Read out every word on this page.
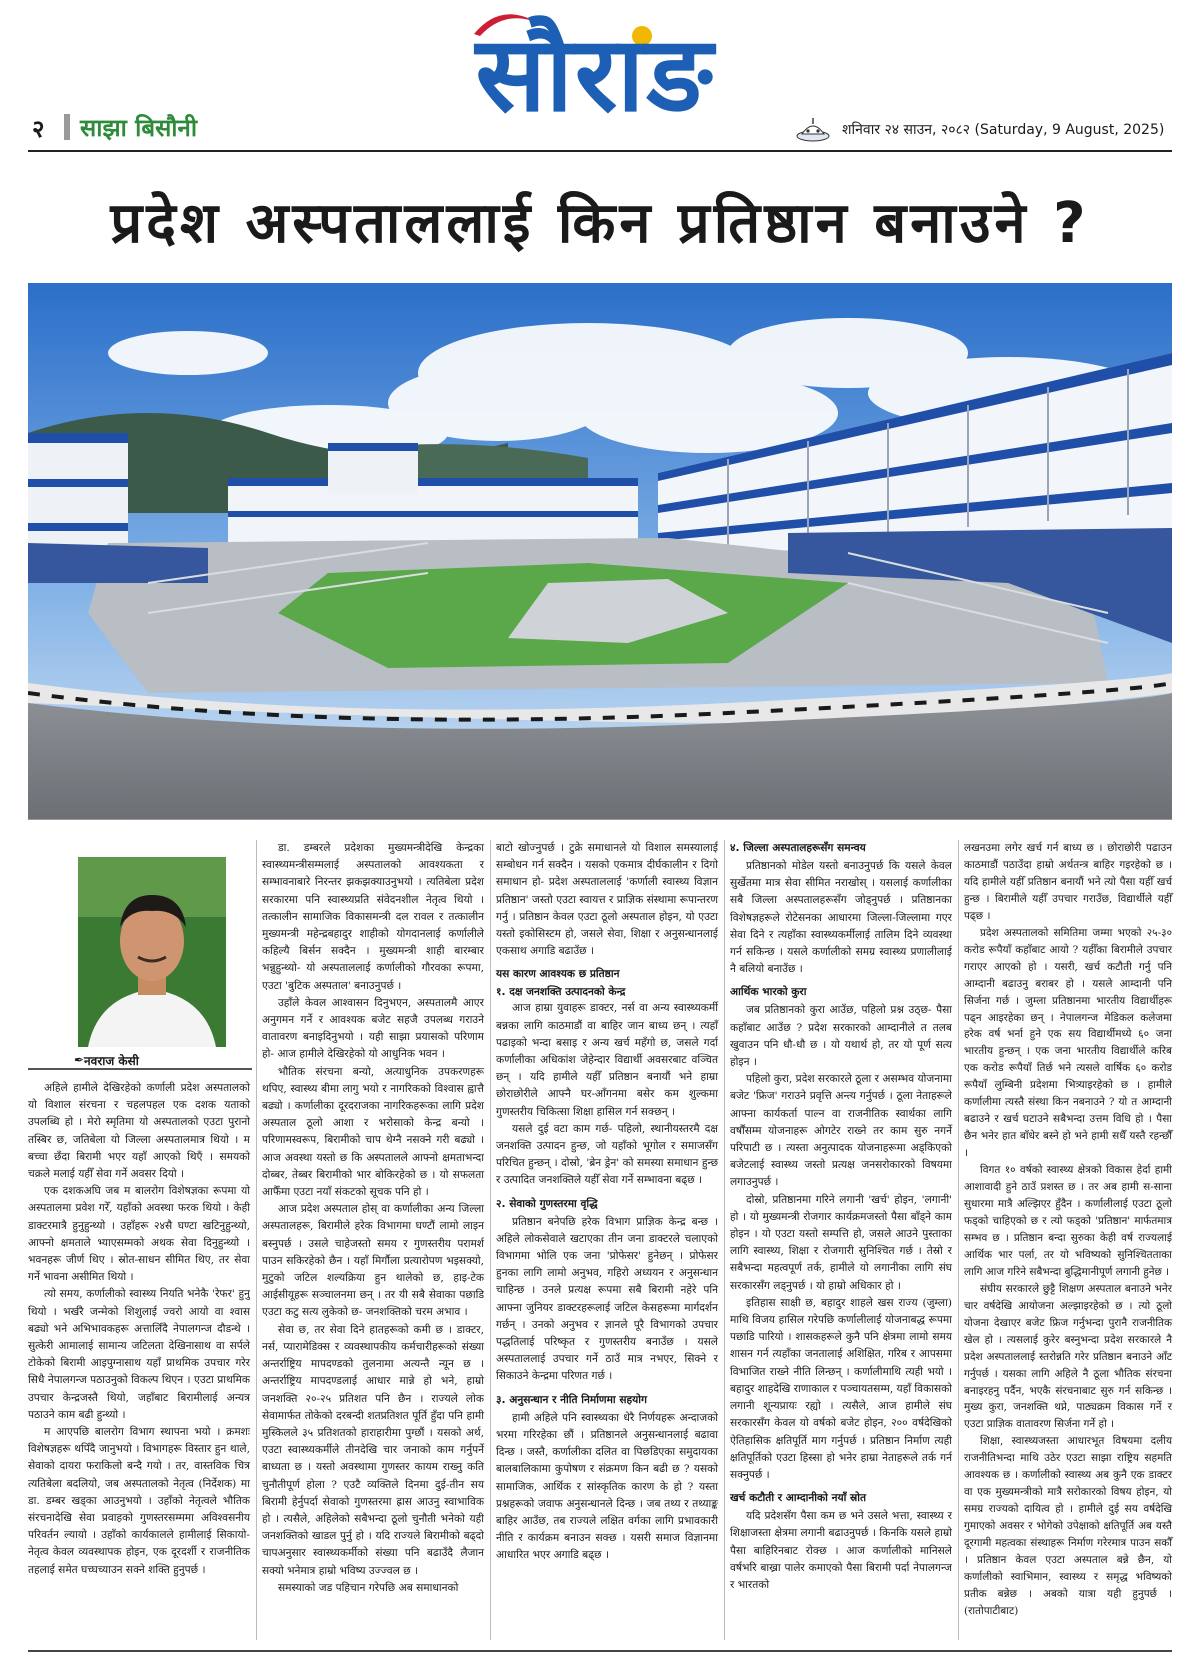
सौराङ
२ साझा बिसौनी	शनिवार २४ साउन, २०८२ (Saturday, 9 August, 2025)
प्रदेश अस्पताललाई किन प्रतिष्ठान बनाउने ?
✒ नवराज केसी

अहिले हामीले देखिरहेको कर्णाली प्रदेश अस्पतालको यो विशाल संरचना र चहलपहल एक दशक यताको उपलब्धि हो । मेरो स्मृतिमा यो अस्पतालको एउटा पुरानो तस्बिर छ, जतिबेला यो जिल्ला अस्पतालमात्र थियो । म बच्चा छँदा बिरामी भएर यहाँ आएको थिएँ । समयको चक्रले मलाई यहीँ सेवा गर्ने अवसर दियो ।

एक दशकअघि जब म बालरोग विशेषज्ञका रूपमा यो अस्पतालमा प्रवेश गरेँ, यहाँको अवस्था फरक थियो । केही डाक्टरमात्रै हुनुहुन्थ्यो । उहाँहरू २४सै घण्टा खटिनुहुन्थ्यो, आफ्नो क्षमताले भ्याएसम्मको अथक सेवा दिनुहुन्थ्यो । भवनहरू जीर्ण थिए । स्रोत-साधन सीमित थिए, तर सेवा गर्ने भावना असीमित थियो ।

त्यो समय, कर्णालीको स्वास्थ्य नियति भनेकै 'रेफर' हुनु थियो । भर्खरै जन्मेको शिशुलाई ज्वरो आयो वा श्वास बढ्यो भने अभिभावकहरू अत्तालिँदै नेपालगन्ज दौडन्थे । सुत्केरी आमालाई सामान्य जटिलता देखिनासाथ वा सर्पले टोकेको बिरामी आइपुग्नासाथ यहाँ प्राथमिक उपचार गरेर सिधै नेपालगन्ज पठाउनुको विकल्प थिएन । एउटा प्राथमिक उपचार केन्द्रजस्तै थियो, जहाँबाट बिरामीलाई अन्यत्र पठाउने काम बढी हुन्थ्यो ।

म आएपछि बालरोग विभाग स्थापना भयो । क्रमशः विशेषज्ञहरू थपिँदै जानुभयो । विभागहरू विस्तार हुन थाले, सेवाको दायरा फराकिलो बन्दै गयो । तर, वास्तविक चित्र त्यतिबेला बदलियो, जब अस्पतालको नेतृत्व (निर्देशक) मा डा. डम्बर खड्का आउनुभयो । उहाँको नेतृत्वले भौतिक संरचनादेखि सेवा प्रवाहको गुणस्तरसम्ममा अविश्वसनीय परिवर्तन ल्यायो । उहाँको कार्यकालले हामीलाई सिकायो- नेतृत्व केवल व्यवस्थापक होइन, एक दूरदर्शी र राजनीतिक तहलाई समेत घच्घच्याउन सक्ने शक्ति हुनुपर्छ ।

डा. डम्बरले प्रदेशका मुख्यमन्त्रीदेखि केन्द्रका स्वास्थ्यमन्त्रीसम्मलाई अस्पतालको आवश्यकता र सम्भावनाबारे निरन्तर झकझक्याउनुभयो । त्यतिबेला प्रदेश सरकारमा पनि स्वास्थ्यप्रति संवेदनशील नेतृत्व थियो । तत्कालीन सामाजिक विकासमन्त्री दल रावल र तत्कालीन मुख्यमन्त्री महेन्द्रबहादुर शाहीको योगदानलाई कर्णालीले कहिल्यै बिर्सन सक्दैन । मुख्यमन्त्री शाही बारम्बार भन्नुहुन्थ्यो- यो अस्पताललाई कर्णालीको गौरवका रूपमा, एउटा 'बुटिक अस्पताल' बनाउनुपर्छ ।

उहाँले केवल आश्वासन दिनुभएन, अस्पतालमै आएर अनुगमन गर्ने र आवश्यक बजेट सहजै उपलब्ध गराउने वातावरण बनाइदिनुभयो । यही साझा प्रयासको परिणाम हो- आज हामीले देखिरहेको यो आधुनिक भवन ।

भौतिक संरचना बन्यो, अत्याधुनिक उपकरणहरू थपिए, स्वास्थ्य बीमा लागु भयो र नागरिकको विश्वास ह्वात्तै बढ्यो । कर्णालीका दूरदराजका नागरिकहरूका लागि प्रदेश अस्पताल ठूलो आशा र भरोसाको केन्द्र बन्यो । परिणामस्वरूप, बिरामीको चाप थेग्नै नसक्ने गरी बढ्यो । आज अवस्था यस्तो छ कि अस्पतालले आफ्नो क्षमताभन्दा दोब्बर, तेब्बर बिरामीको भार बोकिरहेको छ । यो सफलता आफैँमा एउटा नयाँ संकटको सूचक पनि हो ।

आज प्रदेश अस्पताल होस् वा कर्णालीका अन्य जिल्ला अस्पतालहरू, बिरामीले हरेक विभागमा घण्टौं लामो लाइन बस्नुपर्छ । उसले चाहेजस्तो समय र गुणस्तरीय परामर्श पाउन सकिरहेको छैन । यहाँ मिर्गौला प्रत्यारोपण भइसक्यो, मुटुको जटिल शल्यक्रिया हुन थालेको छ, हाइ-टेक आईसीयूहरू सञ्चालनमा छन् । तर यी सबै सेवाका पछाडि एउटा कटु सत्य लुकेको छ- जनशक्तिको चरम अभाव ।

सेवा छ, तर सेवा दिने हातहरूको कमी छ । डाक्टर, नर्स, प्यारामेडिक्स र व्यवस्थापकीय कर्मचारीहरूको संख्या अन्तर्राष्ट्रिय मापदण्डको तुलनामा अत्यन्तै न्यून छ । अन्तर्राष्ट्रिय मापदण्डलाई आधार मान्ने हो भने, हाम्रो जनशक्ति २०-२५ प्रतिशत पनि छैन । राज्यले लोक सेवामार्फत तोकेको दरबन्दी शतप्रतिशत पूर्ति हुँदा पनि हामी मुस्किलले ३५ प्रतिशतको हाराहारीमा पुग्छौं । यसको अर्थ, एउटा स्वास्थ्यकर्मीले तीनदेखि चार जनाको काम गर्नुपर्ने बाध्यता छ । यस्तो अवस्थामा गुणस्तर कायम राख्नु कति चुनौतीपूर्ण होला ? एउटै व्यक्तिले दिनमा दुई-तीन सय बिरामी हेर्नुपर्दा सेवाको गुणस्तरमा ह्रास आउनु स्वाभाविक हो । त्यसैले, अहिलेको सबैभन्दा ठूलो चुनौती भनेको यही जनशक्तिको खाडल पुर्नु हो । यदि राज्यले बिरामीको बढ्दो चापअनुसार स्वास्थ्यकर्मीको संख्या पनि बढाउँदै लैजान सक्यो भनेमात्र हाम्रो भविष्य उज्ज्वल छ ।

समस्याको जड पहिचान गरेपछि अब समाधानको

बाटो खोज्नुपर्छ । टुक्रे समाधानले यो विशाल समस्यालाई सम्बोधन गर्न सक्दैन । यसको एकमात्र दीर्घकालीन र दिगो समाधान हो- प्रदेश अस्पताललाई 'कर्णाली स्वास्थ्य विज्ञान प्रतिष्ठान' जस्तो एउटा स्वायत्त र प्राज्ञिक संस्थामा रूपान्तरण गर्नु । प्रतिष्ठान केवल एउटा ठूलो अस्पताल होइन, यो एउटा यस्तो इकोसिस्टम हो, जसले सेवा, शिक्षा र अनुसन्धानलाई एकसाथ अगाडि बढाउँछ ।

यस कारण आवश्यक छ प्रतिष्ठान
१. दक्ष जनशक्ति उत्पादनको केन्द्र

आज हाम्रा युवाहरू डाक्टर, नर्स वा अन्य स्वास्थ्यकर्मी बन्नका लागि काठमाडौं वा बाहिर जान बाध्य छन् । त्यहाँ पढाइको भन्दा बसाइ र अन्य खर्च महँगो छ, जसले गर्दा कर्णालीका अधिकांश जेहेन्दार विद्यार्थी अवसरबाट वञ्चित छन् । यदि हामीले यहीँ प्रतिष्ठान बनायौं भने हाम्रा छोराछोरीले आफ्नै घर-आँगनमा बसेर कम शुल्कमा गुणस्तरीय चिकित्सा शिक्षा हासिल गर्न सक्छन् ।

यसले दुई वटा काम गर्छ- पहिलो, स्थानीयस्तरमै दक्ष जनशक्ति उत्पादन हुन्छ, जो यहाँको भूगोल र समाजसँग परिचित हुन्छन् । दोस्रो, 'ब्रेन ड्रेन' को समस्या समाधान हुन्छ र उत्पादित जनशक्तिले यहीँ सेवा गर्ने सम्भावना बढ्छ ।

२. सेवाको गुणस्तरमा वृद्धि

प्रतिष्ठान बनेपछि हरेक विभाग प्राज्ञिक केन्द्र बन्छ । अहिले लोकसेवाले खटाएका तीन जना डाक्टरले चलाएको विभागमा भोलि एक जना 'प्रोफेसर' हुनेछन् । प्रोफेसर हुनका लागि लामो अनुभव, गहिरो अध्ययन र अनुसन्धान चाहिन्छ । उनले प्रत्यक्ष रूपमा सबै बिरामी नहेरे पनि आफ्ना जुनियर डाक्टरहरूलाई जटिल केसहरूमा मार्गदर्शन गर्छन् । उनको अनुभव र ज्ञानले पूरै विभागको उपचार पद्धतिलाई परिष्कृत र गुणस्तरीय बनाउँछ । यसले अस्पताललाई उपचार गर्ने ठाउँ मात्र नभएर, सिक्ने र सिकाउने केन्द्रमा परिणत गर्छ ।

३. अनुसन्धान र नीति निर्माणमा सहयोग

हामी अहिले पनि स्वास्थ्यका धेरै निर्णयहरू अन्दाजको भरमा गरिरहेका छौं । प्रतिष्ठानले अनुसन्धानलाई बढावा दिन्छ । जस्तै, कर्णालीका दलित वा पिछडिएका समुदायका बालबालिकामा कुपोषण र संक्रमण किन बढी छ ? यसको सामाजिक, आर्थिक र सांस्कृतिक कारण के हो ? यस्ता प्रश्नहरूको जवाफ अनुसन्धानले दिन्छ । जब तथ्य र तथ्याङ्क बाहिर आउँछ, तब राज्यले लक्षित वर्गका लागि प्रभावकारी नीति र कार्यक्रम बनाउन सक्छ । यसरी समाज विज्ञानमा आधारित भएर अगाडि बढ्छ ।

४. जिल्ला अस्पतालहरूसँग समन्वय

प्रतिष्ठानको मोडेल यस्तो बनाउनुपर्छ कि यसले केवल सुर्खेतमा मात्र सेवा सीमित नराखोस् । यसलाई कर्णालीका सबै जिल्ला अस्पतालहरूसँग जोड्नुपर्छ । प्रतिष्ठानका विशेषज्ञहरूले रोटेसनका आधारमा जिल्ला-जिल्लामा गएर सेवा दिने र त्यहाँका स्वास्थ्यकर्मीलाई तालिम दिने व्यवस्था गर्न सकिन्छ । यसले कर्णालीको समग्र स्वास्थ्य प्रणालीलाई नै बलियो बनाउँछ ।

आर्थिक भारको कुरा

जब प्रतिष्ठानको कुरा आउँछ, पहिलो प्रश्न उठ्छ- पैसा कहाँबाट आउँछ ? प्रदेश सरकारको आम्दानीले त तलब खुवाउन पनि धौ-धौ छ । यो यथार्थ हो, तर यो पूर्ण सत्य होइन ।

पहिलो कुरा, प्रदेश सरकारले ठूला र असम्भव योजनामा बजेट 'फ्रिज' गराउने प्रवृत्ति अन्त्य गर्नुपर्छ । ठूला नेताहरूले आफ्ना कार्यकर्ता पाल्न वा राजनीतिक स्वार्थका लागि वर्षौंसम्म योजनाहरू ओगटेर राख्ने तर काम सुरु नगर्ने परिपाटी छ । त्यस्ता अनुत्पादक योजनाहरूमा अड्किएको बजेटलाई स्वास्थ्य जस्तो प्रत्यक्ष जनसरोकारको विषयमा लगाउनुपर्छ ।

दोस्रो, प्रतिष्ठानमा गरिने लगानी 'खर्च' होइन, 'लगानी' हो । यो मुख्यमन्त्री रोजगार कार्यक्रमजस्तो पैसा बाँड्ने काम होइन । यो एउटा यस्तो सम्पत्ति हो, जसले आउने पुस्ताका लागि स्वास्थ्य, शिक्षा र रोजगारी सुनिश्चित गर्छ । तेस्रो र सबैभन्दा महत्वपूर्ण तर्क, हामीले यो लगानीका लागि संघ सरकारसँग लड्नुपर्छ । यो हाम्रो अधिकार हो ।

इतिहास साक्षी छ, बहादुर शाहले खस राज्य (जुम्ला) माथि विजय हासिल गरेपछि कर्णालीलाई योजनाबद्ध रूपमा पछाडि पारियो । शासकहरूले कुनै पनि क्षेत्रमा लामो समय शासन गर्न त्यहाँका जनतालाई अशिक्षित, गरिब र आपसमा विभाजित राख्ने नीति लिन्छन् । कर्णालीमाथि त्यही भयो । बहादुर शाहदेखि राणाकाल र पञ्चायतसम्म, यहाँ विकासको लगानी शून्यप्रायः रह्यो । त्यसैले, आज हामीले संघ सरकारसँग केवल यो वर्षको बजेट होइन, २०० वर्षदेखिको ऐतिहासिक क्षतिपूर्ति माग गर्नुपर्छ । प्रतिष्ठान निर्माण त्यही क्षतिपूर्तिको एउटा हिस्सा हो भनेर हाम्रा नेताहरूले तर्क गर्न सक्नुपर्छ ।

खर्च कटौती र आम्दानीको नयाँ स्रोत

यदि प्रदेशसँग पैसा कम छ भने उसले भत्ता, स्वास्थ्य र शिक्षाजस्ता क्षेत्रमा लगानी बढाउनुपर्छ । किनकि यसले हाम्रो पैसा बाहिरिनबाट रोक्छ । आज कर्णालीको मानिसले वर्षभरि बाख्रा पालेर कमाएको पैसा बिरामी पर्दा नेपालगन्ज र भारतको

लखनउमा लगेर खर्च गर्न बाध्य छ । छोराछोरी पढाउन काठमाडौं पठाउँदा हाम्रो अर्थतन्त्र बाहिर गइरहेको छ । यदि हामीले यहीँ प्रतिष्ठान बनायौं भने त्यो पैसा यहीँ खर्च हुन्छ । बिरामीले यहीँ उपचार गराउँछ, विद्यार्थीले यहीँ पढ्छ ।

प्रदेश अस्पतालको समितिमा जम्मा भएको २५-३० करोड रूपैयाँ कहाँबाट आयो ? यहीँका बिरामीले उपचार गराएर आएको हो । यसरी, खर्च कटौती गर्नु पनि आम्दानी बढाउनु बराबर हो । यसले आम्दानी पनि सिर्जना गर्छ । जुम्ला प्रतिष्ठानमा भारतीय विद्यार्थीहरू पढ्न आइरहेका छन् । नेपालगन्ज मेडिकल कलेजमा हरेक वर्ष भर्ना हुने एक सय विद्यार्थीमध्ये ६० जना भारतीय हुन्छन् । एक जना भारतीय विद्यार्थीले करिब एक करोड रूपैयाँ तिर्छ भने त्यसले वार्षिक ६० करोड रूपैयाँ लुम्बिनी प्रदेशमा भित्र्याइरहेको छ । हामीले कर्णालीमा त्यस्तै संस्था किन नबनाउने ? यो त आम्दानी बढाउने र खर्च घटाउने सबैभन्दा उत्तम विधि हो । पैसा छैन भनेर हात बाँधेर बस्ने हो भने हामी सधैँ यस्तै रहन्छौँ ।

विगत १० वर्षको स्वास्थ्य क्षेत्रको विकास हेर्दा हामी आशावादी हुने ठाउँ प्रशस्त छ । तर अब हामी स-साना सुधारमा मात्रै अल्झिएर हुँदैन । कर्णालीलाई एउटा ठूलो फड्को चाहिएको छ र त्यो फड्को 'प्रतिष्ठान' मार्फतमात्र सम्भव छ । प्रतिष्ठान बन्दा सुरुका केही वर्ष राज्यलाई आर्थिक भार पर्ला, तर यो भविष्यको सुनिश्चितताका लागि आज गरिने सबैभन्दा बुद्धिमानीपूर्ण लगानी हुनेछ ।

संघीय सरकारले छुट्टै शिक्षण अस्पताल बनाउने भनेर चार वर्षदेखि आयोजना अल्झाइरहेको छ । त्यो ठूलो योजना देखाएर बजेट फ्रिज गर्नुभन्दा पुरानै राजनीतिक खेल हो । त्यसलाई कुरेर बस्नुभन्दा प्रदेश सरकारले नै प्रदेश अस्पताललाई स्तरोन्नति गरेर प्रतिष्ठान बनाउने आँट गर्नुपर्छ । यसका लागि अहिले नै ठूला भौतिक संरचना बनाइरहनु पर्दैन, भएकै संरचनाबाट सुरु गर्न सकिन्छ । मुख्य कुरा, जनशक्ति थप्ने, पाठ्यक्रम विकास गर्ने र एउटा प्राज्ञिक वातावरण सिर्जना गर्ने हो ।

शिक्षा, स्वास्थ्यजस्ता आधारभूत विषयमा दलीय राजनीतिभन्दा माथि उठेर एउटा साझा राष्ट्रिय सहमति आवश्यक छ । कर्णालीको स्वास्थ्य अब कुनै एक डाक्टर वा एक मुख्यमन्त्रीको मात्रै सरोकारको विषय होइन, यो समग्र राज्यको दायित्व हो । हामीले दुई सय वर्षदेखि गुमाएको अवसर र भोगेको उपेक्षाको क्षतिपूर्ति अब यस्तै दूरगामी महत्वका संस्थाहरू निर्माण गरेरमात्र पाउन सकौँ । प्रतिष्ठान केवल एउटा अस्पताल बन्ने छैन, यो कर्णालीको स्वाभिमान, स्वास्थ्य र समृद्ध भविष्यको प्रतीक बन्नेछ । अबको यात्रा यही हुनुपर्छ । (रातोपाटीबाट)
